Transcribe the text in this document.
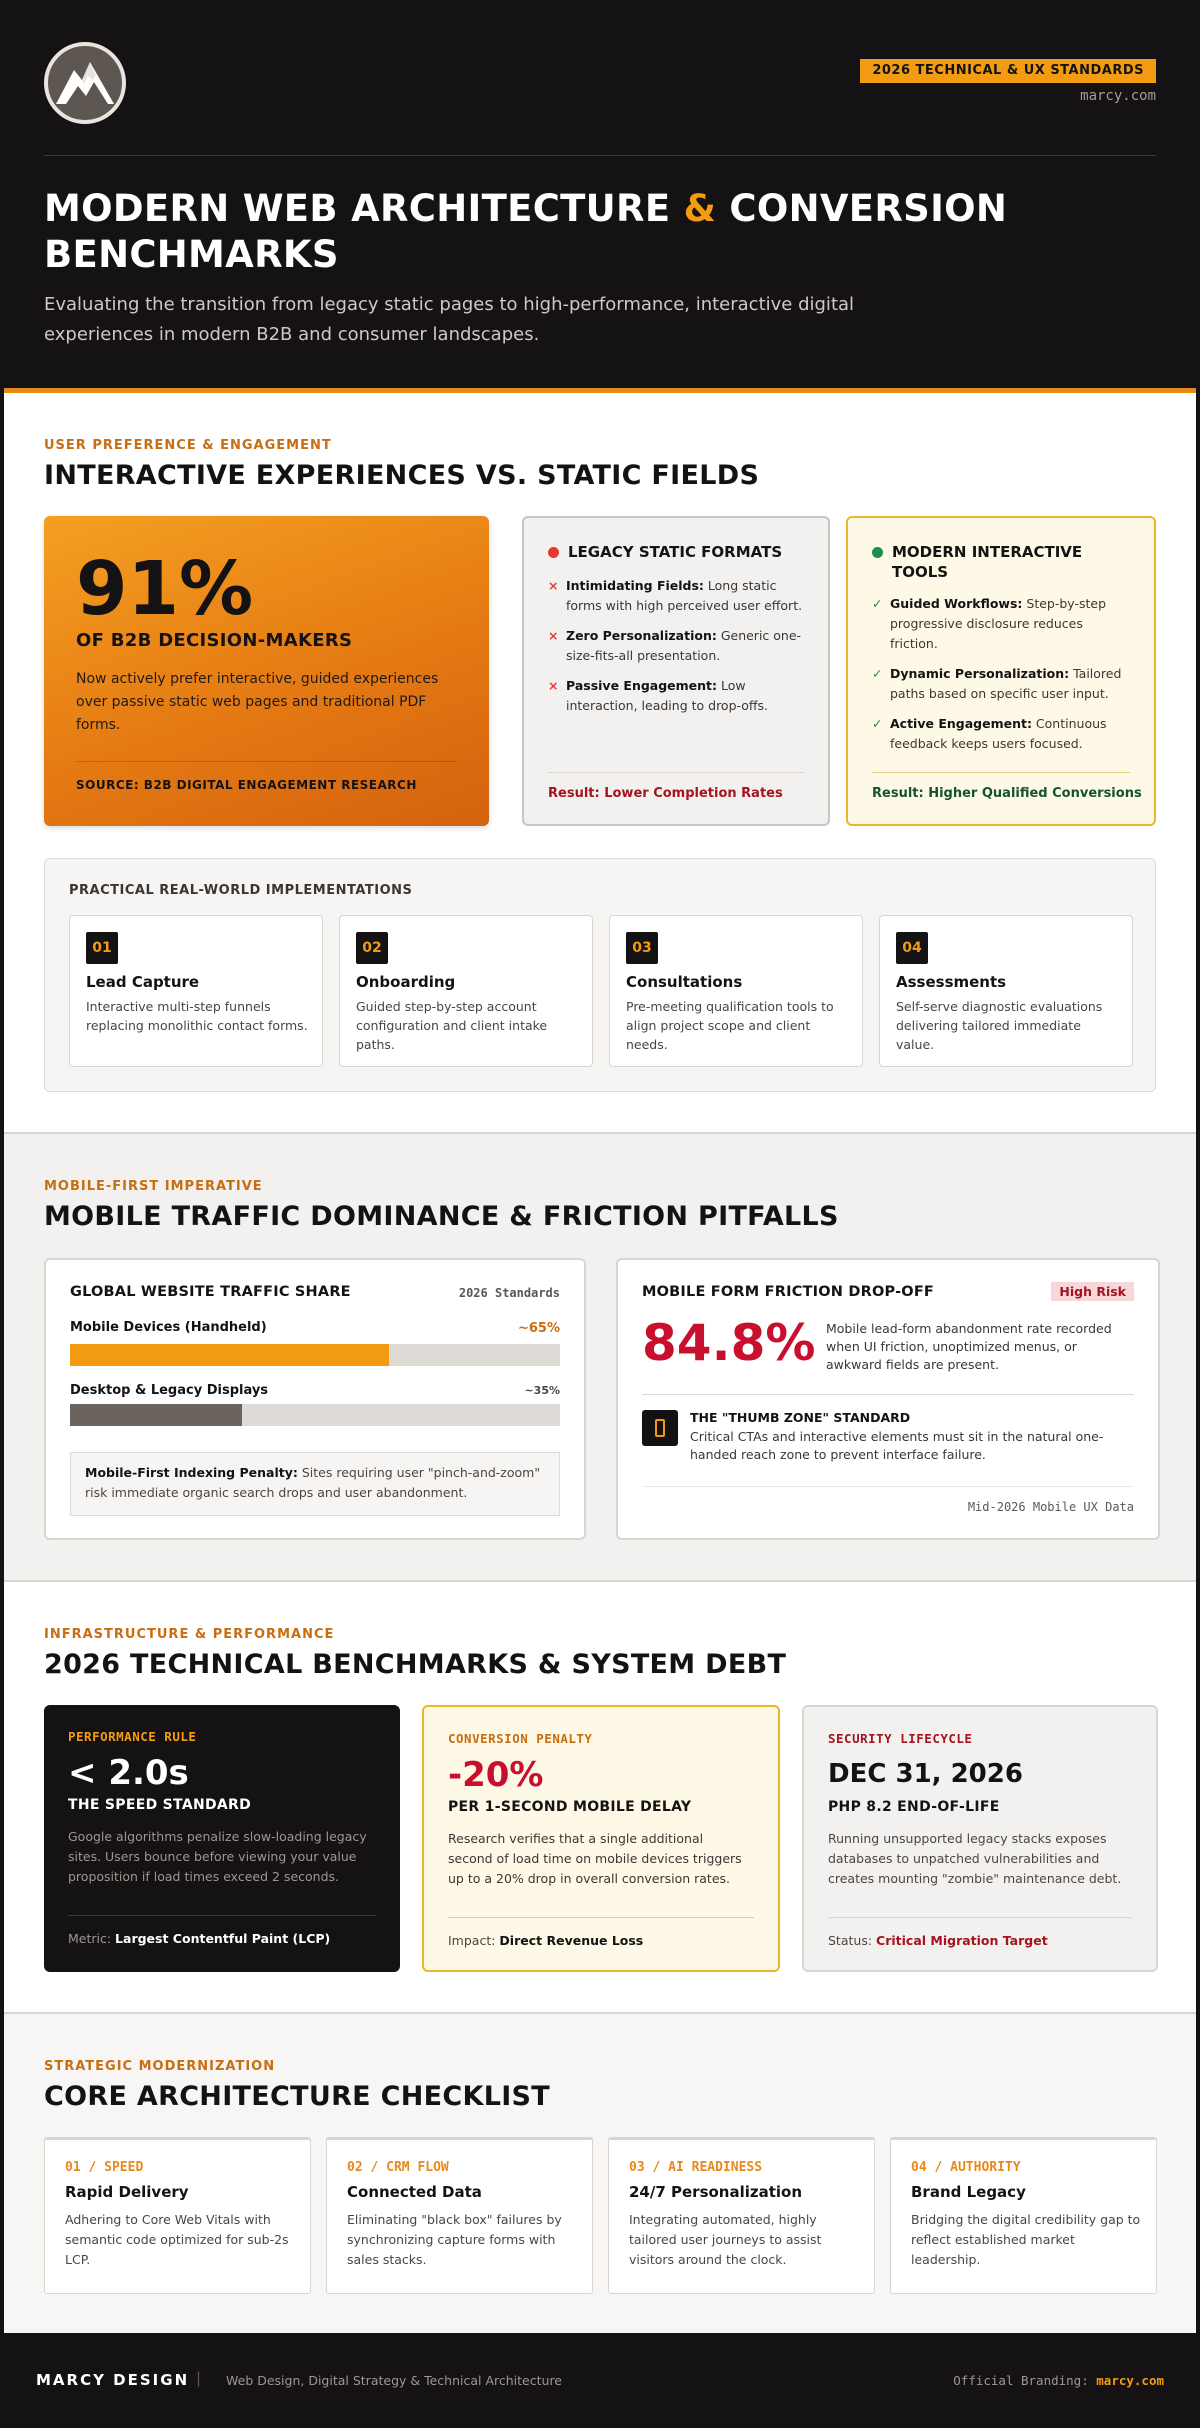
2026 TECHNICAL & UX STANDARDS
marcy.com
MODERN WEB ARCHITECTURE & CONVERSION BENCHMARKS
Evaluating the transition from legacy static pages to high-performance, interactive digital experiences in modern B2B and consumer landscapes.
USER PREFERENCE & ENGAGEMENT
INTERACTIVE EXPERIENCES VS. STATIC FIELDS
91%
OF B2B DECISION-MAKERS
Now actively prefer interactive, guided experiences over passive static web pages and traditional PDF forms.
SOURCE: B2B DIGITAL ENGAGEMENT RESEARCH
LEGACY STATIC FORMATS
× Intimidating Fields: Long static forms with high perceived user effort.
× Zero Personalization: Generic one-size-fits-all presentation.
× Passive Engagement: Low interaction, leading to drop-offs.
Result: Lower Completion Rates
MODERN INTERACTIVE TOOLS
✓ Guided Workflows: Step-by-step progressive disclosure reduces friction.
✓ Dynamic Personalization: Tailored paths based on specific user input.
✓ Active Engagement: Continuous feedback keeps users focused.
Result: Higher Qualified Conversions
PRACTICAL REAL-WORLD IMPLEMENTATIONS
01
Lead Capture
Interactive multi-step funnels replacing monolithic contact forms.
02
Onboarding
Guided step-by-step account configuration and client intake paths.
03
Consultations
Pre-meeting qualification tools to align project scope and client needs.
04
Assessments
Self-serve diagnostic evaluations delivering tailored immediate value.
MOBILE-FIRST IMPERATIVE
MOBILE TRAFFIC DOMINANCE & FRICTION PITFALLS
GLOBAL WEBSITE TRAFFIC SHARE	2026 Standards
Mobile Devices (Handheld)	~65%
Desktop & Legacy Displays	~35%
Mobile-First Indexing Penalty: Sites requiring user "pinch-and-zoom" risk immediate organic search drops and user abandonment.
MOBILE FORM FRICTION DROP-OFF	High Risk
84.8% Mobile lead-form abandonment rate recorded when UI friction, unoptimized menus, or awkward fields are present.
THE "THUMB ZONE" STANDARD
Critical CTAs and interactive elements must sit in the natural one-handed reach zone to prevent interface failure.
Mid-2026 Mobile UX Data
INFRASTRUCTURE & PERFORMANCE
2026 TECHNICAL BENCHMARKS & SYSTEM DEBT
PERFORMANCE RULE
< 2.0s
THE SPEED STANDARD
Google algorithms penalize slow-loading legacy sites. Users bounce before viewing your value proposition if load times exceed 2 seconds.
Metric: Largest Contentful Paint (LCP)
CONVERSION PENALTY
-20%
PER 1-SECOND MOBILE DELAY
Research verifies that a single additional second of load time on mobile devices triggers up to a 20% drop in overall conversion rates.
Impact: Direct Revenue Loss
SECURITY LIFECYCLE
DEC 31, 2026
PHP 8.2 END-OF-LIFE
Running unsupported legacy stacks exposes databases to unpatched vulnerabilities and creates mounting "zombie" maintenance debt.
Status: Critical Migration Target
STRATEGIC MODERNIZATION
CORE ARCHITECTURE CHECKLIST
01 / SPEED
Rapid Delivery
Adhering to Core Web Vitals with semantic code optimized for sub-2s LCP.
02 / CRM FLOW
Connected Data
Eliminating "black box" failures by synchronizing capture forms with sales stacks.
03 / AI READINESS
24/7 Personalization
Integrating automated, highly tailored user journeys to assist visitors around the clock.
04 / AUTHORITY
Brand Legacy
Bridging the digital credibility gap to reflect established market leadership.
MARCY DESIGN | Web Design, Digital Strategy & Technical Architecture	Official Branding: marcy.com
